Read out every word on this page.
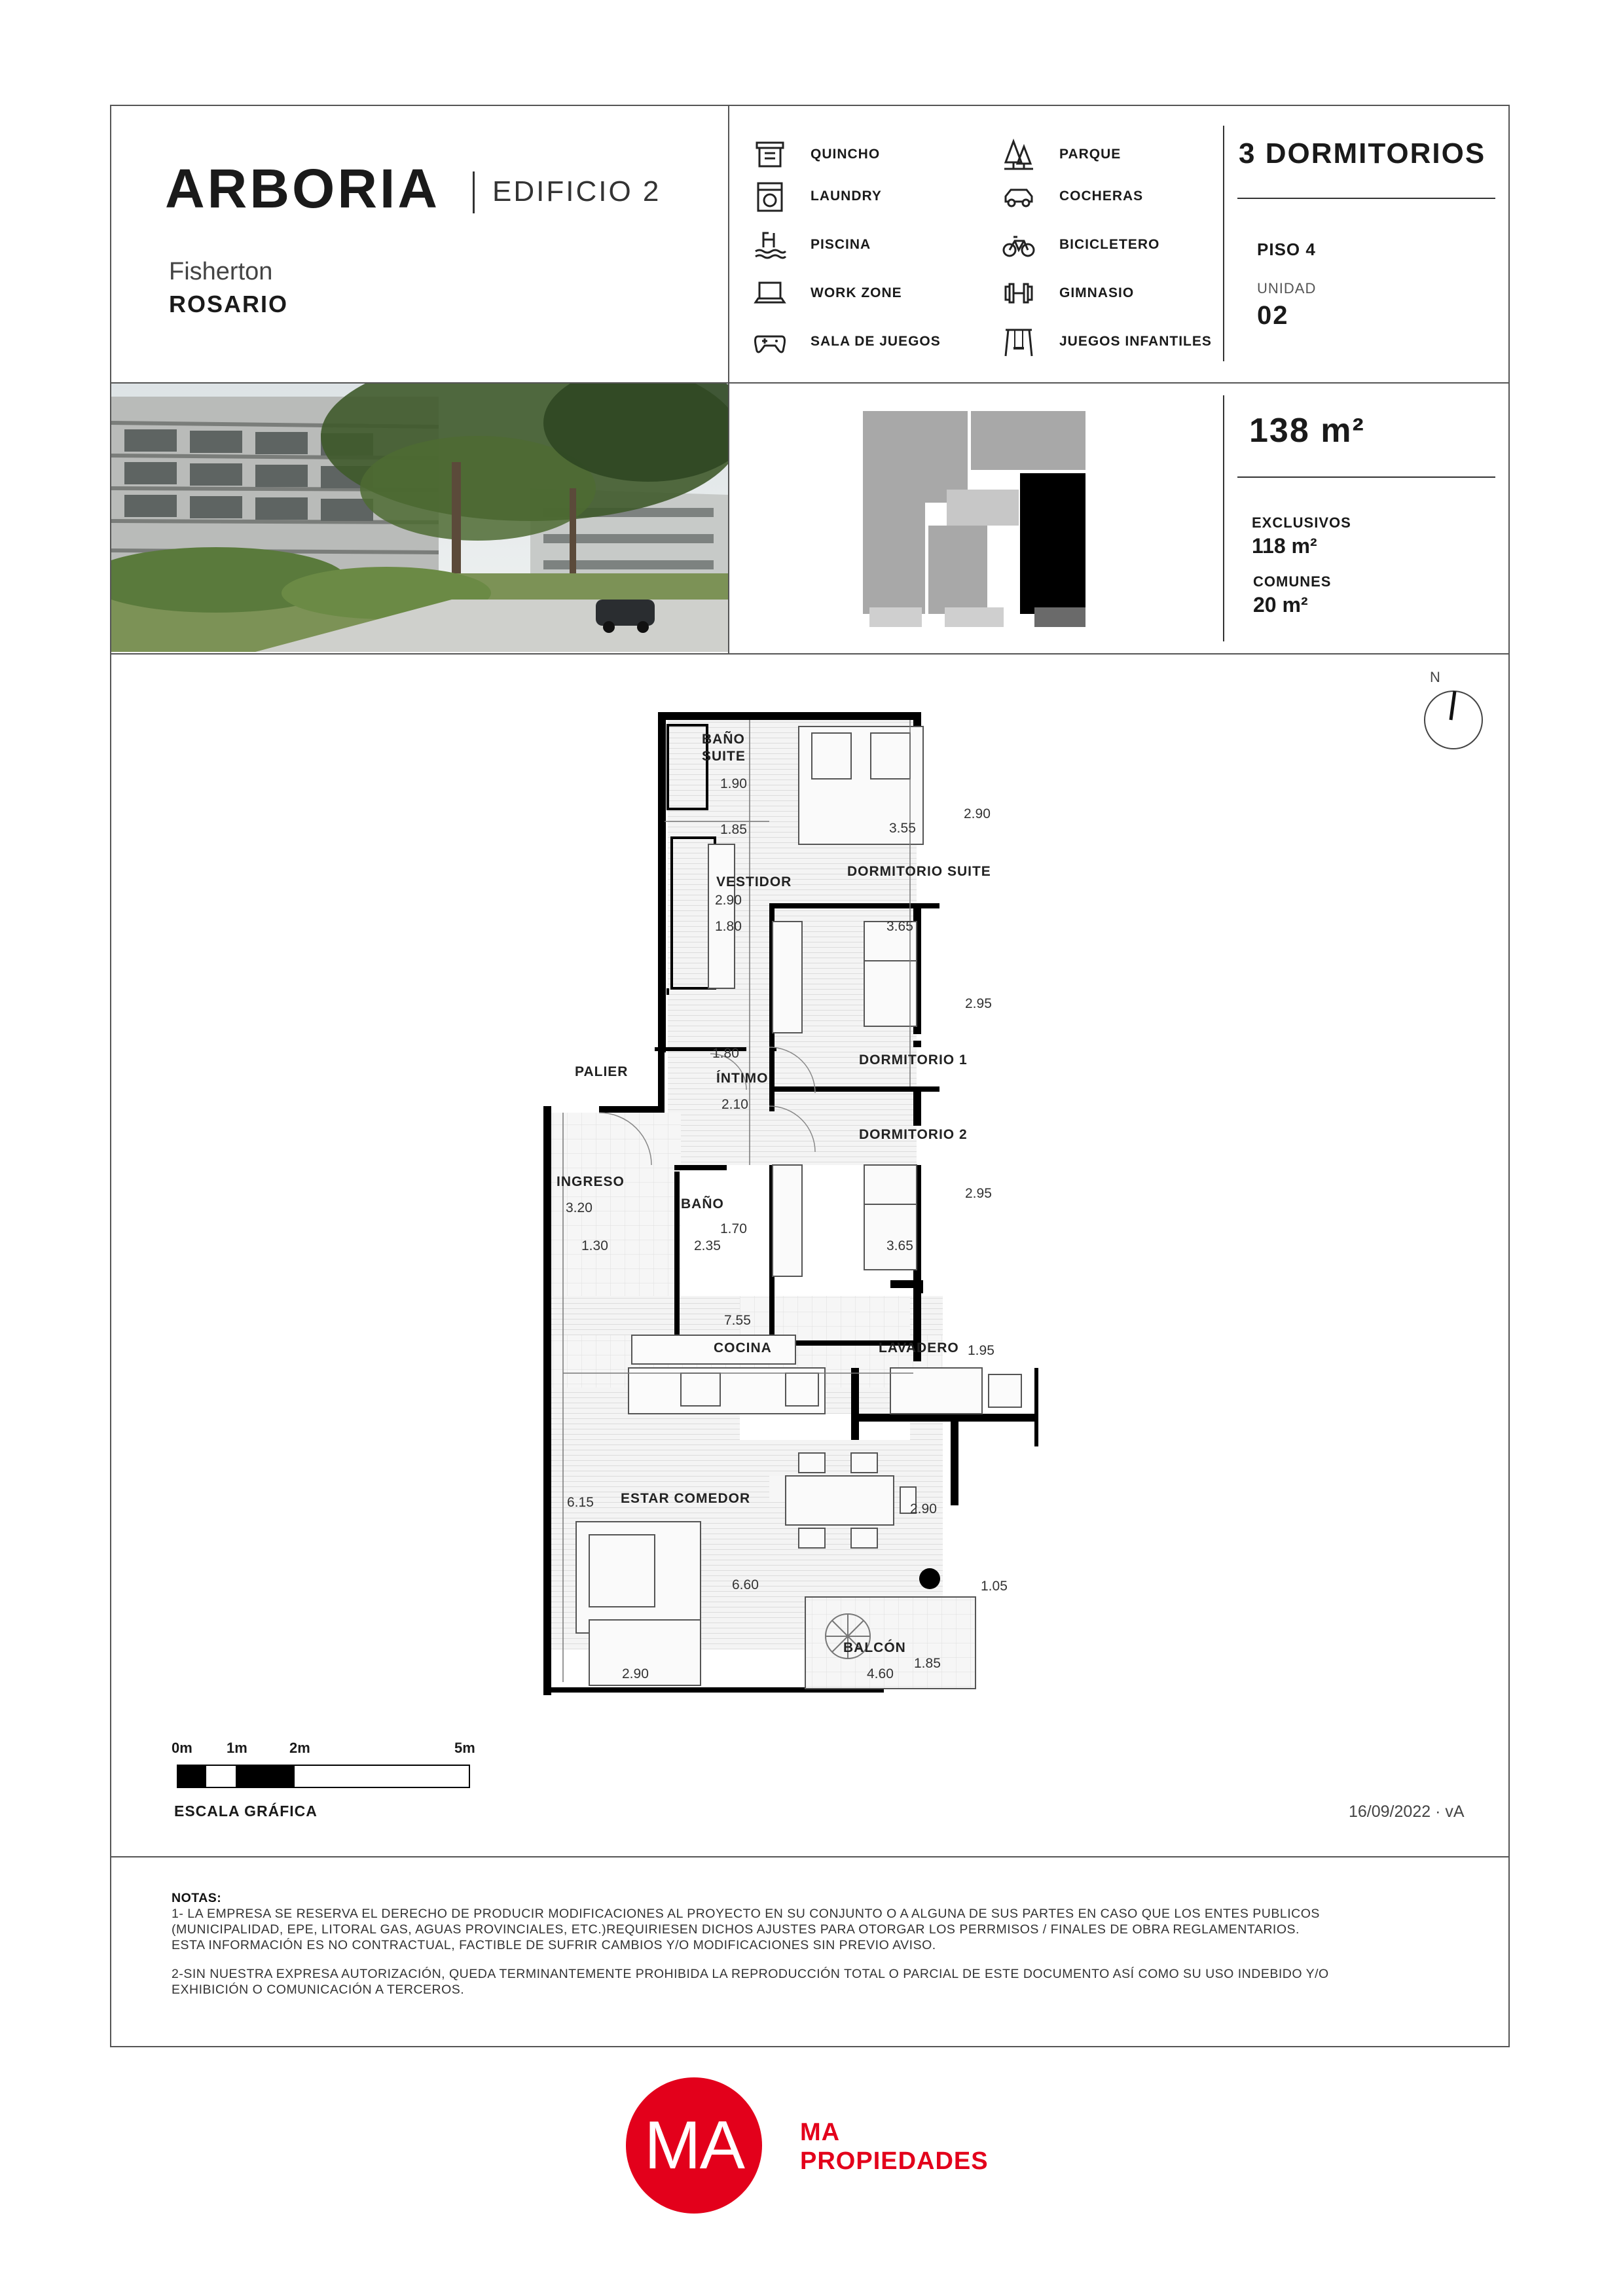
ARBORIA EDIFICIO 2
Fisherton
ROSARIO
QUINCHO	PARQUE
LAUNDRY	COCHERAS
PISCINA	BICICLETERO
WORK ZONE	GIMNASIO
SALA DE JUEGOS	JUEGOS INFANTILES
3 DORMITORIOS
PISO 4
UNIDAD
02
138 m²
EXCLUSIVOS
118 m²
COMUNES
20 m²
N
BAÑO
SUITE
DORMITORIO SUITE
VESTIDOR
DORMITORIO 1
ÍNTIMO
PALIER
DORMITORIO 2
INGRESO
BAÑO
COCINA	LAVADERO
ESTAR COMEDOR
BALCÓN
1.90
1.85	3.55
2.90
2.90
1.80	3.65
2.95
1.80
2.10
3.20
1.70
2.95
1.30	2.35	3.65
7.55
1.95
6.15	2.90
6.60	1.05
1.85
4.60
2.90
0m 1m	2m	5m
ESCALA GRÁFICA	16/09/2022 · vA
NOTAS:
1- LA EMPRESA SE RESERVA EL DERECHO DE PRODUCIR MODIFICACIONES AL PROYECTO EN SU CONJUNTO O A ALGUNA DE SUS PARTES EN CASO QUE LOS ENTES PUBLICOS
(MUNICIPALIDAD, EPE, LITORAL GAS, AGUAS PROVINCIALES, ETC.)REQUIRIESEN DICHOS AJUSTES PARA OTORGAR LOS PERRMISOS / FINALES DE OBRA REGLAMENTARIOS.
ESTA INFORMACIÓN ES NO CONTRACTUAL, FACTIBLE DE SUFRIR CAMBIOS Y/O MODIFICACIONES SIN PREVIO AVISO.
2-SIN NUESTRA EXPRESA AUTORIZACIÓN, QUEDA TERMINANTEMENTE PROHIBIDA LA REPRODUCCIÓN TOTAL O PARCIAL DE ESTE DOCUMENTO ASÍ COMO SU USO INDEBIDO Y/O
EXHIBICIÓN O COMUNICACIÓN A TERCEROS.
MA MA
PROPIEDADES
